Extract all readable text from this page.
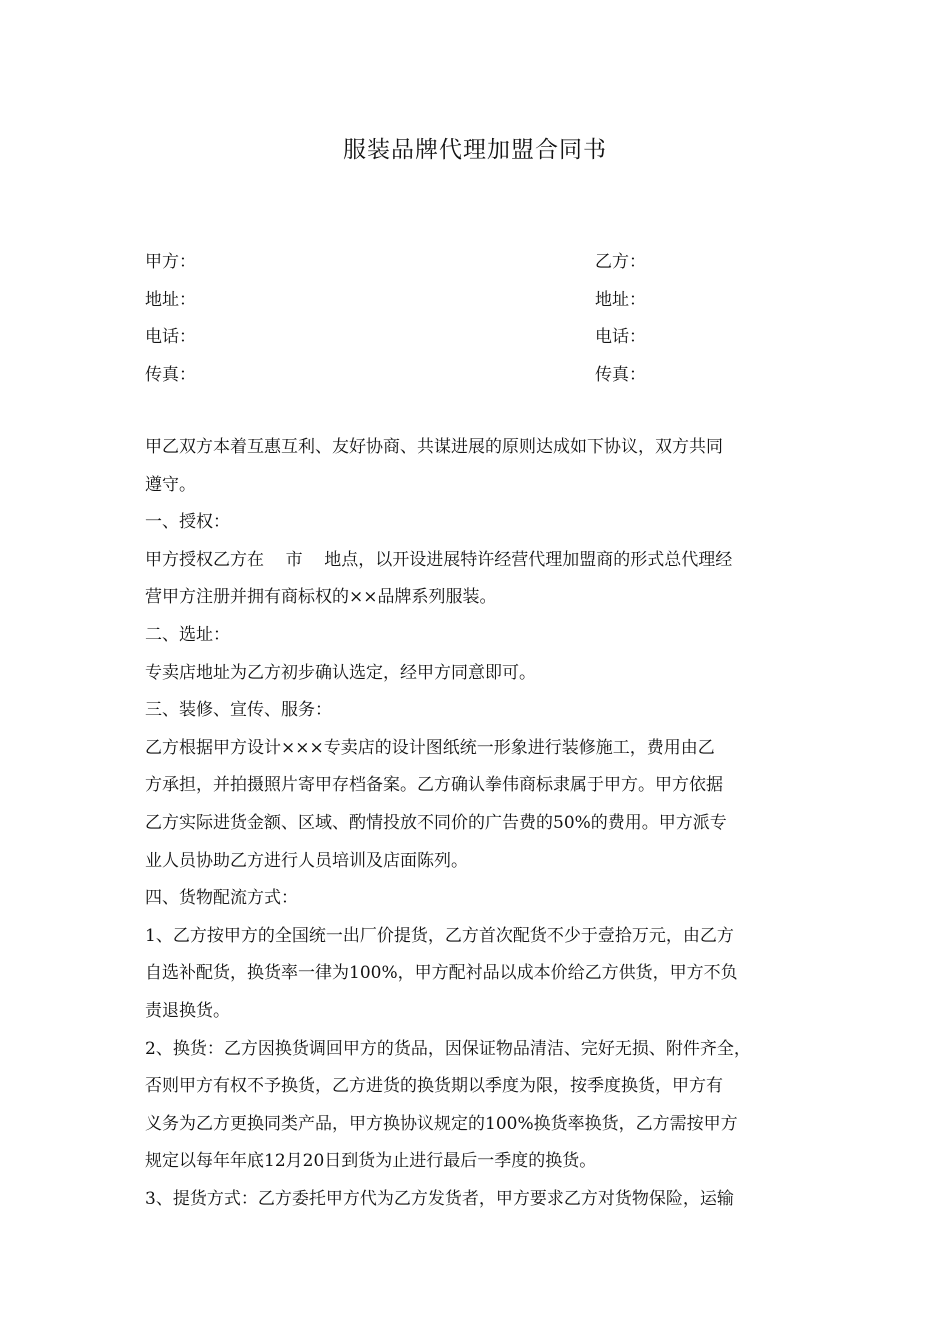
服装品牌代理加盟合同书
甲方：	乙方：
地址：	地址：
电话：	电话：
传真：	传真：

甲乙双方本着互惠互利、友好协商、共谋进展的原则达成如下协议，双方共同

遵守。

一、授权：

甲方授权乙方在    市    地点，以开设进展特许经营代理加盟商的形式总代理经

营甲方注册并拥有商标权的××品牌系列服装。

二、选址：

专卖店地址为乙方初步确认选定，经甲方同意即可。

三、装修、宣传、服务：

乙方根据甲方设计×××专卖店的设计图纸统一形象进行装修施工，费用由乙

方承担，并拍摄照片寄甲存档备案。乙方确认拳伟商标隶属于甲方。甲方依据

乙方实际进货金额、区域、酌情投放不同价的广告费的50%的费用。甲方派专

业人员协助乙方进行人员培训及店面陈列。

四、货物配流方式：

1、乙方按甲方的全国统一出厂价提货，乙方首次配货不少于壹拾万元，由乙方

自选补配货，换货率一律为100%，甲方配衬品以成本价给乙方供货，甲方不负

责退换货。

2、换货：乙方因换货调回甲方的货品，因保证物品清洁、完好无损、附件齐全，

否则甲方有权不予换货，乙方进货的换货期以季度为限，按季度换货，甲方有

义务为乙方更换同类产品，甲方换协议规定的100%换货率换货，乙方需按甲方

规定以每年年底12月20日到货为止进行最后一季度的换货。

3、提货方式：乙方委托甲方代为乙方发货者，甲方要求乙方对货物保险，运输
